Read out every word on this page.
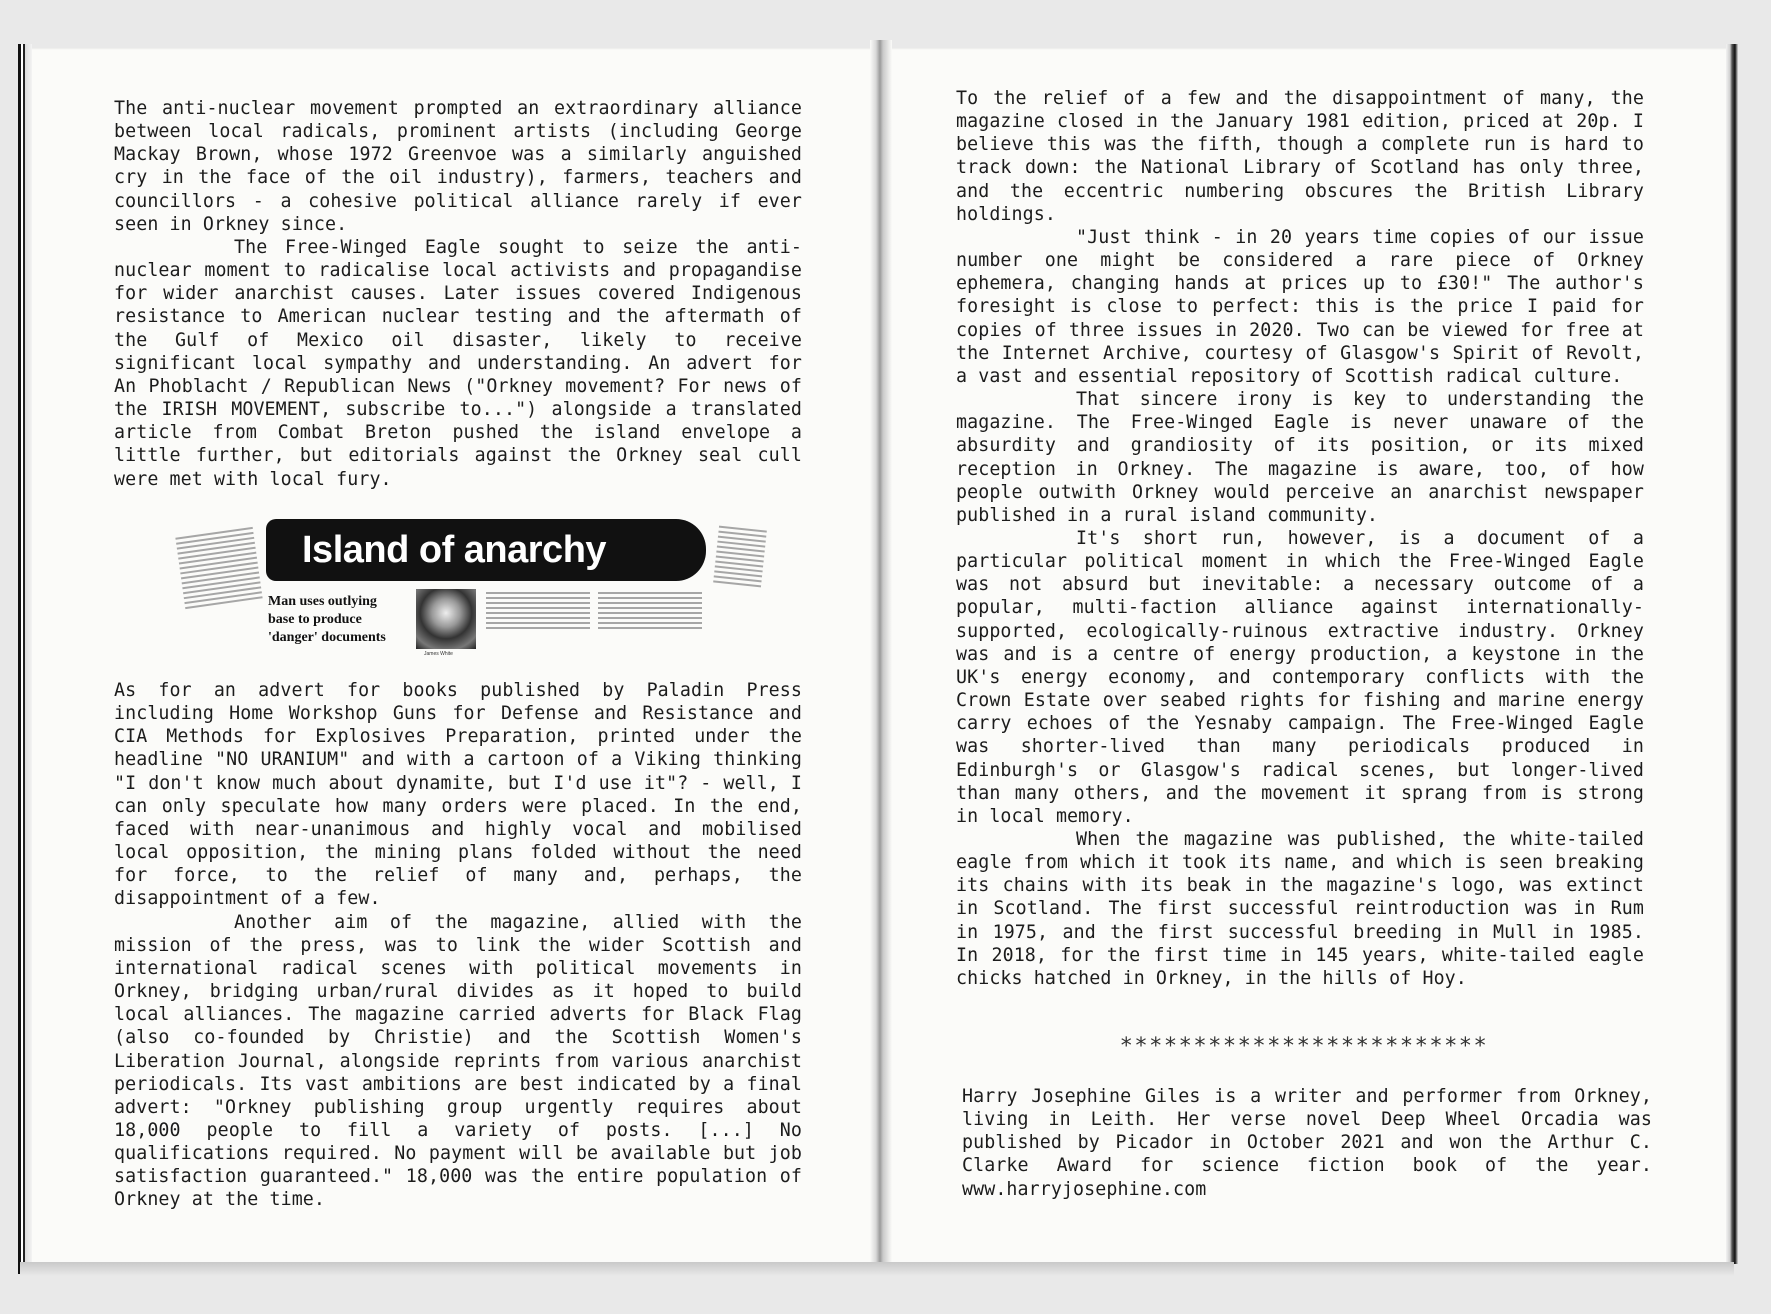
The anti-nuclear movement prompted an extraordinary alliance between local radicals, prominent artists (including George Mackay Brown, whose 1972 Greenvoe was a similarly anguished cry in the face of the oil industry), farmers, teachers and councillors - a cohesive political alliance rarely if ever seen in Orkney since.

The Free-Winged Eagle sought to seize the anti-nuclear moment to radicalise local activists and propagandise for wider anarchist causes. Later issues covered Indigenous resistance to American nuclear testing and the aftermath of the Gulf of Mexico oil disaster, likely to receive significant local sympathy and understanding. An advert for An Phoblacht / Republican News ("Orkney movement? For news of the IRISH MOVEMENT, subscribe to...") alongside a translated article from Combat Breton pushed the island envelope a little further, but editorials against the Orkney seal cull were met with local fury.

Island of anarchy
Man uses outlying base to produce 'danger' documents
James White

As for an advert for books published by Paladin Press including Home Workshop Guns for Defense and Resistance and CIA Methods for Explosives Preparation, printed under the headline "NO URANIUM" and with a cartoon of a Viking thinking "I don't know much about dynamite, but I'd use it"? - well, I can only speculate how many orders were placed. In the end, faced with near-unanimous and highly vocal and mobilised local opposition, the mining plans folded without the need for force, to the relief of many and, perhaps, the disappointment of a few.

Another aim of the magazine, allied with the mission of the press, was to link the wider Scottish and international radical scenes with political movements in Orkney, bridging urban/rural divides as it hoped to build local alliances. The magazine carried adverts for Black Flag (also co-founded by Christie) and the Scottish Women's Liberation Journal, alongside reprints from various anarchist periodicals. Its vast ambitions are best indicated by a final advert: "Orkney publishing group urgently requires about 18,000 people to fill a variety of posts. [...] No qualifications required. No payment will be available but job satisfaction guaranteed." 18,000 was the entire population of Orkney at the time.

To the relief of a few and the disappointment of many, the magazine closed in the January 1981 edition, priced at 20p. I believe this was the fifth, though a complete run is hard to track down: the National Library of Scotland has only three, and the eccentric numbering obscures the British Library holdings.

"Just think - in 20 years time copies of our issue number one might be considered a rare piece of Orkney ephemera, changing hands at prices up to £30!" The author's foresight is close to perfect: this is the price I paid for copies of three issues in 2020. Two can be viewed for free at the Internet Archive, courtesy of Glasgow's Spirit of Revolt, a vast and essential repository of Scottish radical culture.

That sincere irony is key to understanding the magazine. The Free-Winged Eagle is never unaware of the absurdity and grandiosity of its position, or its mixed reception in Orkney. The magazine is aware, too, of how people outwith Orkney would perceive an anarchist newspaper published in a rural island community.

It's short run, however, is a document of a particular political moment in which the Free-Winged Eagle was not absurd but inevitable: a necessary outcome of a popular, multi-faction alliance against internationally-supported, ecologically-ruinous extractive industry. Orkney was and is a centre of energy production, a keystone in the UK's energy economy, and contemporary conflicts with the Crown Estate over seabed rights for fishing and marine energy carry echoes of the Yesnaby campaign. The Free-Winged Eagle was shorter-lived than many periodicals produced in Edinburgh's or Glasgow's radical scenes, but longer-lived than many others, and the movement it sprang from is strong in local memory.

When the magazine was published, the white-tailed eagle from which it took its name, and which is seen breaking its chains with its beak in the magazine's logo, was extinct in Scotland. The first successful reintroduction was in Rum in 1975, and the first successful breeding in Mull in 1985. In 2018, for the first time in 145 years, white-tailed eagle chicks hatched in Orkney, in the hills of Hoy.

*************************

Harry Josephine Giles is a writer and performer from Orkney, living in Leith. Her verse novel Deep Wheel Orcadia was published by Picador in October 2021 and won the Arthur C. Clarke Award for science fiction book of the year. www.harryjosephine.com
